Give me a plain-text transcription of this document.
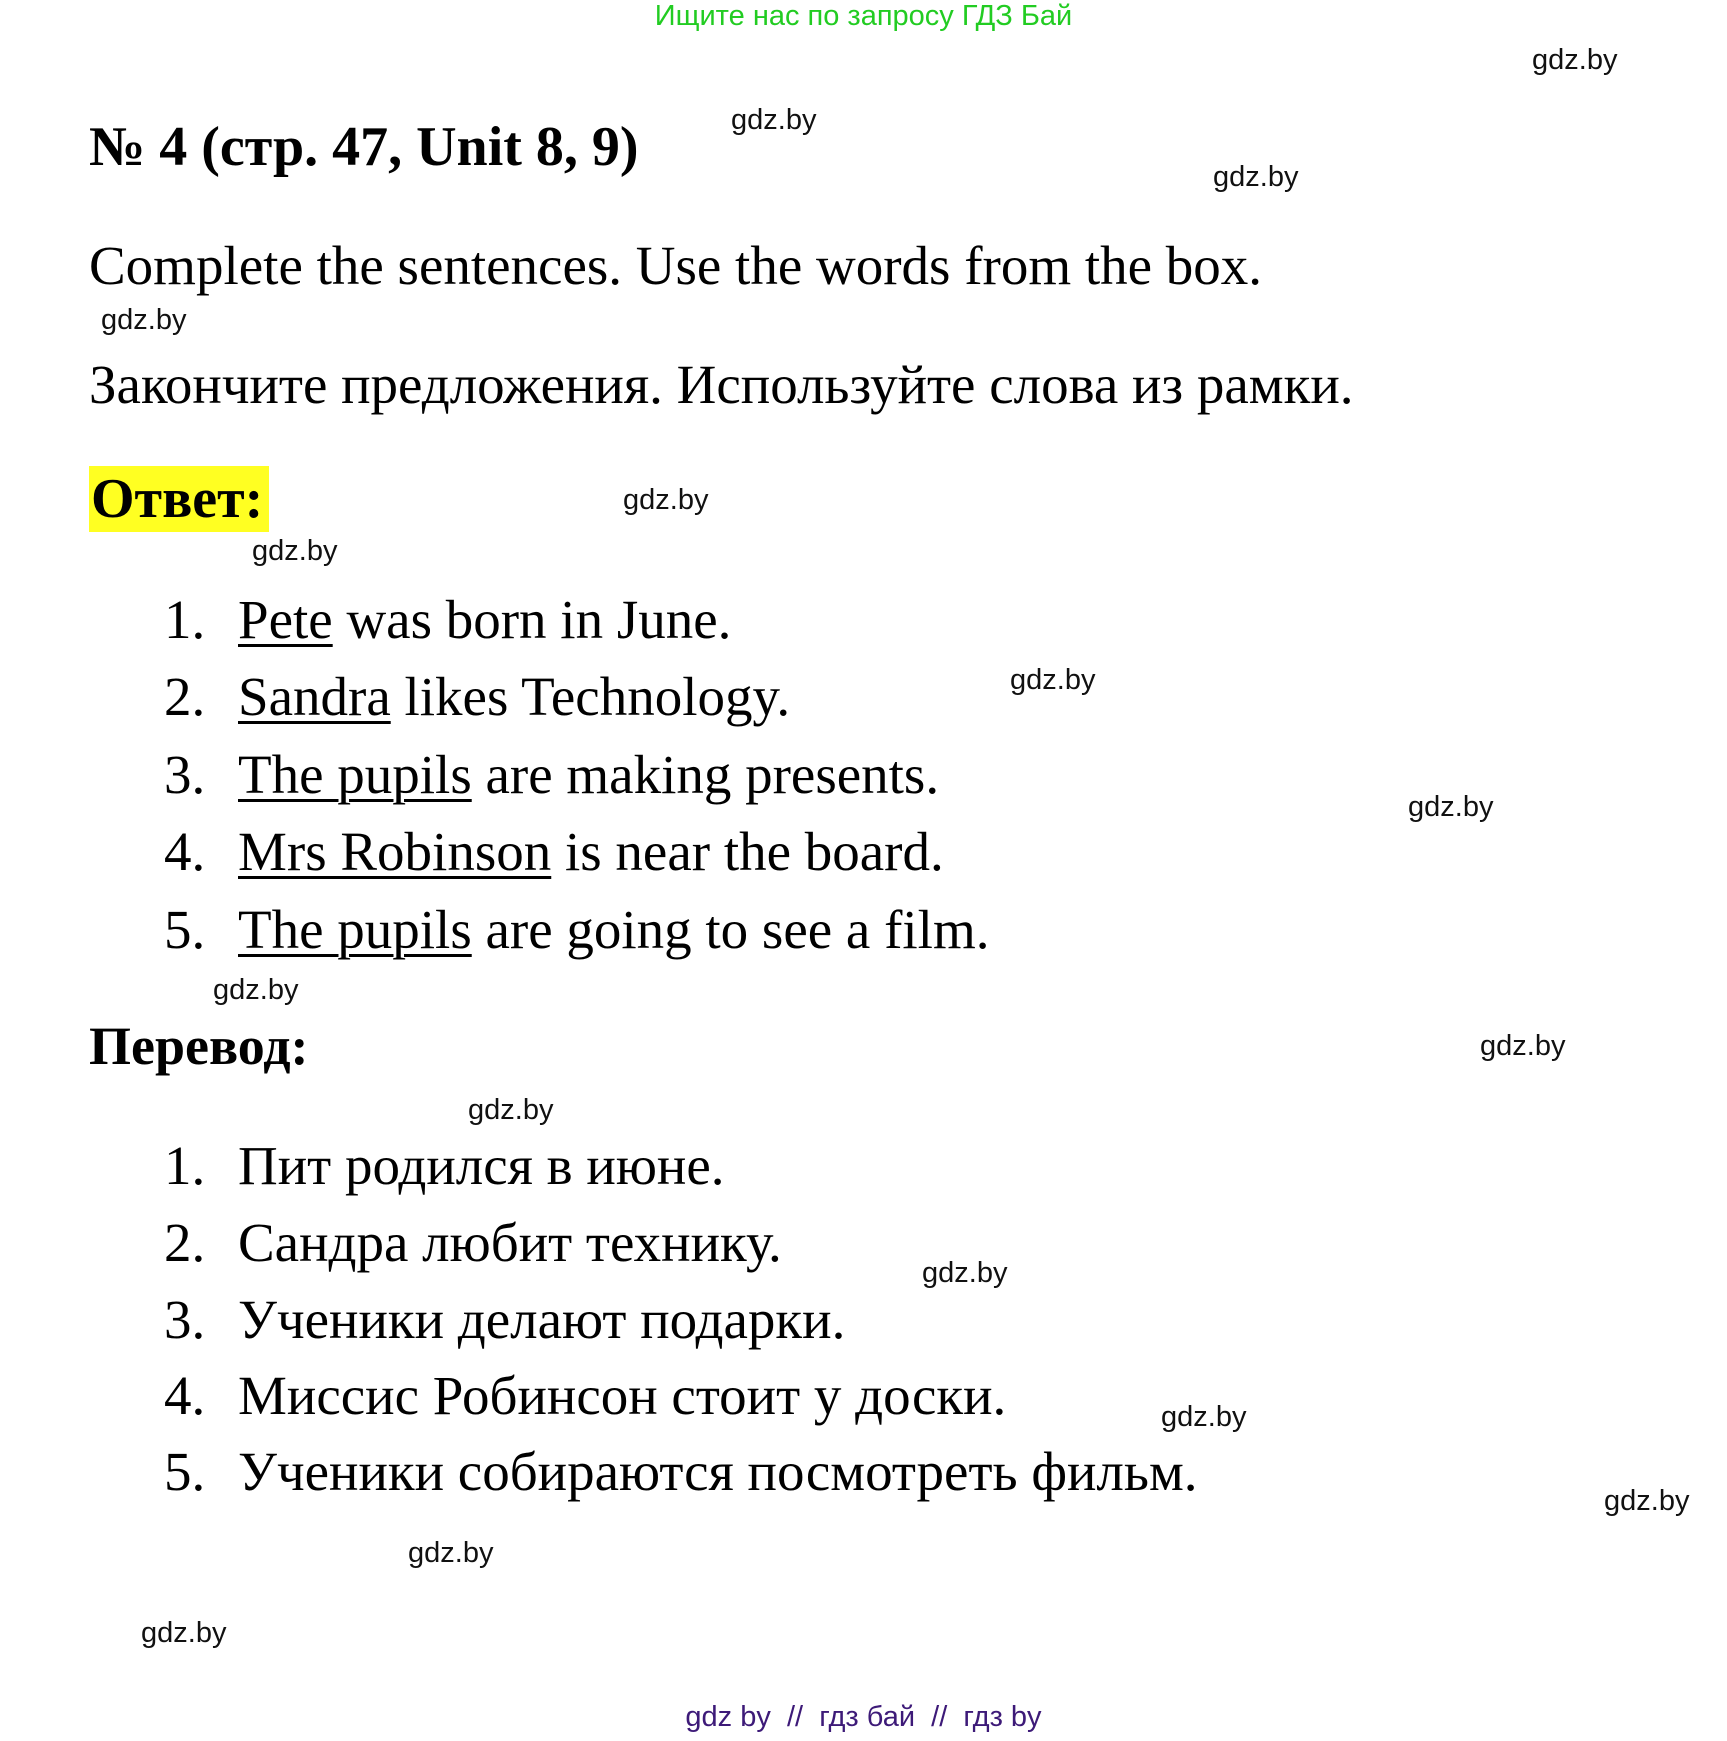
Ищите нас по запросу ГДЗ Бай
№ 4 (стр. 47, Unit 8, 9)
Complete the sentences. Use the words from the box.
Закончите предложения. Используйте слова из рамки.
Ответ:
1. Pete was born in June.
2. Sandra likes Technology.
3. The pupils are making presents.
4. Mrs Robinson is near the board.
5. The pupils are going to see a film.
Перевод:
1. Пит родился в июне.
2. Сандра любит технику.
3. Ученики делают подарки.
4. Миссис Робинсон стоит у доски.
5. Ученики собираются посмотреть фильм.
gdz.by
gdz.by
gdz.by
gdz.by
gdz.by
gdz.by
gdz.by
gdz.by
gdz.by
gdz.by
gdz.by
gdz.by
gdz.by
gdz.by
gdz.by
gdz.by
gdz by  //  гдз бай  //  гдз by
